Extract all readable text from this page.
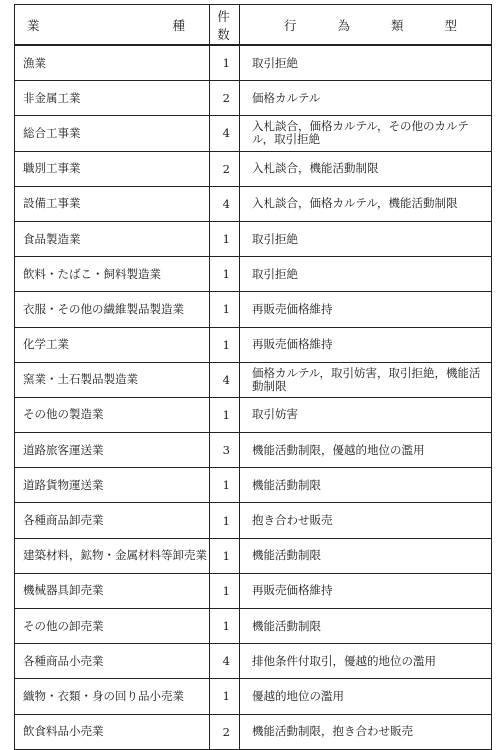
業 種	件数	行 為 類 型

漁業	1	取引拒絶
非金属工業	2	価格カルテル
総合工事業	4	入札談合，価格カルテル，その他のカルテル，取引拒絶
職別工事業	2	入札談合，機能活動制限
設備工事業	4	入札談合，価格カルテル，機能活動制限
食品製造業	1	取引拒絶
飲料・たばこ・飼料製造業	1	取引拒絶
衣服・その他の繊維製品製造業	1	再販売価格維持
化学工業	1	再販売価格維持
窯業・土石製品製造業	4	価格カルテル，取引妨害，取引拒絶，機能活動制限
その他の製造業	1	取引妨害
道路旅客運送業	3	機能活動制限，優越的地位の濫用
道路貨物運送業	1	機能活動制限
各種商品卸売業	1	抱き合わせ販売
建築材料，鉱物・金属材料等卸売業	1	機能活動制限
機械器具卸売業	1	再販売価格維持
その他の卸売業	1	機能活動制限
各種商品小売業	4	排他条件付取引，優越的地位の濫用
織物・衣類・身の回り品小売業	1	優越的地位の濫用
飲食料品小売業	2	機能活動制限，抱き合わせ販売
